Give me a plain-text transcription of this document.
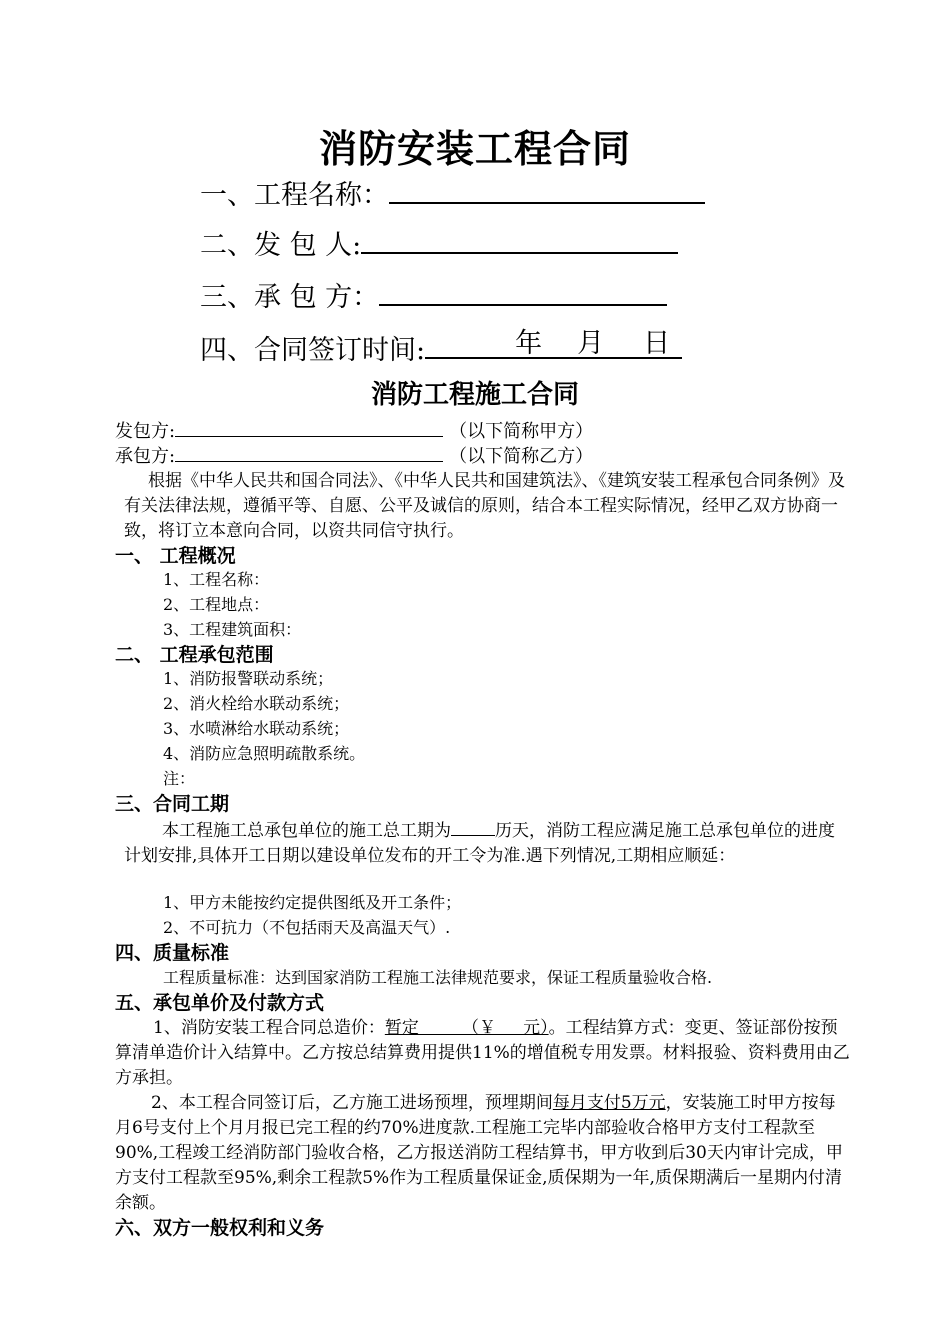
消防安装工程合同
一、工程名称：
二、发 包 人:
三、承 包 方：
四、合同签订时间:	年 月 日
消防工程施工合同
发包方:	（以下简称甲方）
承包方:	（以下简称乙方）
根据《中华人民共和国合同法》、《中华人民共和国建筑法》、《建筑安装工程承包合同条例》及有关法律法规，遵循平等、自愿、公平及诚信的原则，结合本工程实际情况，经甲乙双方协商一致，将订立本意向合同，以资共同信守执行。
一、 工程概况
1、工程名称：
2、工程地点：
3、工程建筑面积：
二、 工程承包范围
1、消防报警联动系统；
2、消火栓给水联动系统；
3、水喷淋给水联动系统；
4、消防应急照明疏散系统。
注：
三、合同工期
本工程施工总承包单位的施工总工期为	历天，消防工程应满足施工总承包单位的进度计划安排,具体开工日期以建设单位发布的开工令为准.遇下列情况,工期相应顺延：
1、甲方未能按约定提供图纸及开工条件；
2、不可抗力（不包括雨天及高温天气）.
四、质量标准
工程质量标准：达到国家消防工程施工法律规范要求，保证工程质量验收合格.
五、承包单价及付款方式
1、消防安装工程合同总造价：暂定        （￥     元）。工程结算方式：变更、签证部份按预算清单造价计入结算中。乙方按总结算费用提供11%的增值税专用发票。材料报验、资料费用由乙方承担。
2、本工程合同签订后，乙方施工进场预埋，预埋期间每月支付5万元，安装施工时甲方按每月6号支付上个月月报已完工程的约70%进度款.工程施工完毕内部验收合格甲方支付工程款至90%,工程竣工经消防部门验收合格，乙方报送消防工程结算书，甲方收到后30天内审计完成，甲方支付工程款至95%,剩余工程款5%作为工程质量保证金,质保期为一年,质保期满后一星期内付清余额。
六、双方一般权利和义务
